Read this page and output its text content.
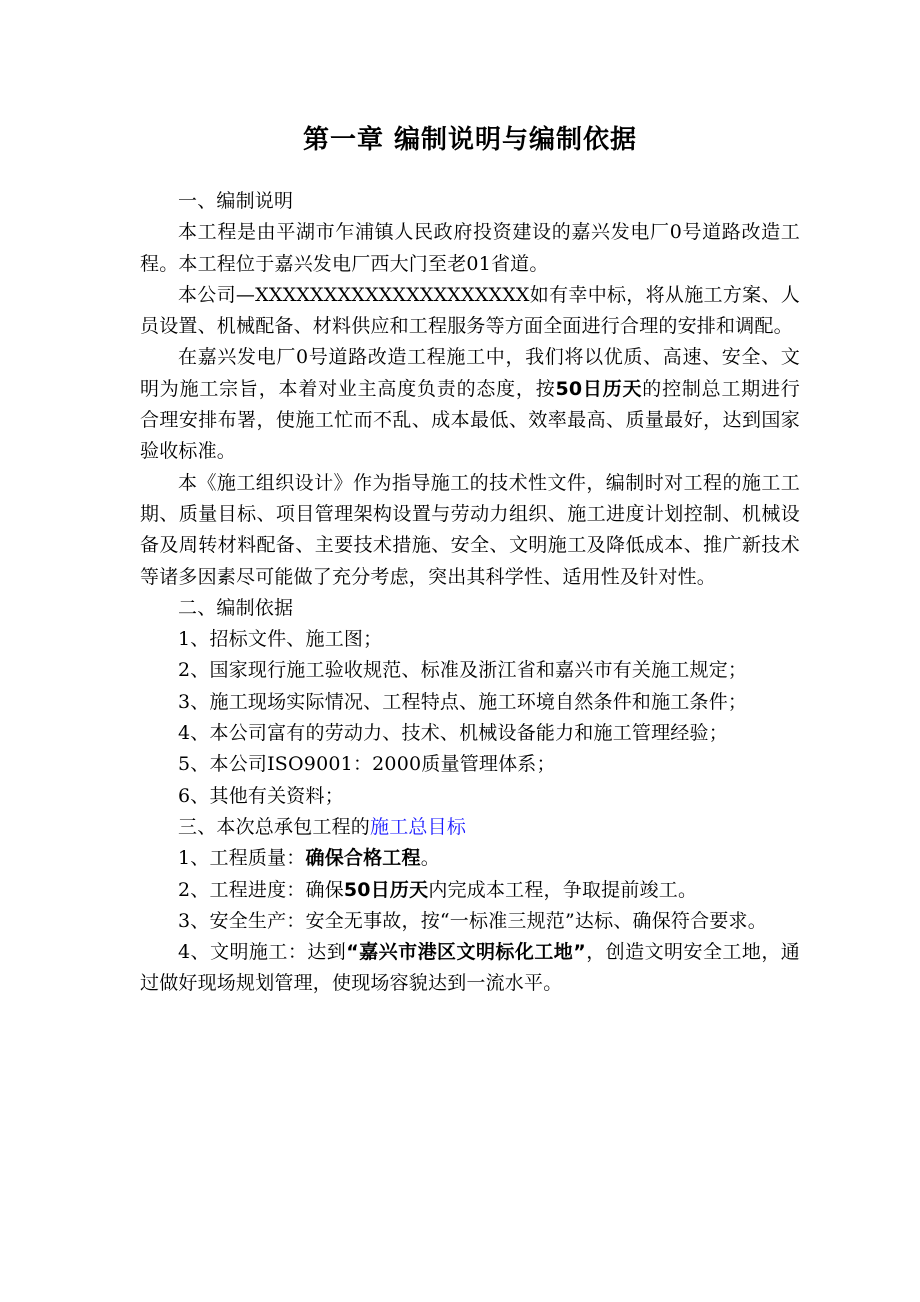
第一章 编制说明与编制依据

一、编制说明

本工程是由平湖市乍浦镇人民政府投资建设的嘉兴发电厂0号道路改造工程。本工程位于嘉兴发电厂西大门至老01省道。

本公司—XXXXXXXXXXXXXXXXXXXX如有幸中标，将从施工方案、人员设置、机械配备、材料供应和工程服务等方面全面进行合理的安排和调配。

在嘉兴发电厂0号道路改造工程施工中，我们将以优质、高速、安全、文明为施工宗旨，本着对业主高度负责的态度，按50日历天的控制总工期进行合理安排布署，使施工忙而不乱、成本最低、效率最高、质量最好，达到国家验收标准。

本《施工组织设计》作为指导施工的技术性文件，编制时对工程的施工工期、质量目标、项目管理架构设置与劳动力组织、施工进度计划控制、机械设备及周转材料配备、主要技术措施、安全、文明施工及降低成本、推广新技术等诸多因素尽可能做了充分考虑，突出其科学性、适用性及针对性。

二、编制依据

1、招标文件、施工图；

2、国家现行施工验收规范、标准及浙江省和嘉兴市有关施工规定；

3、施工现场实际情况、工程特点、施工环境自然条件和施工条件；

4、本公司富有的劳动力、技术、机械设备能力和施工管理经验；

5、本公司ISO9001：2000质量管理体系；

6、其他有关资料；

三、本次总承包工程的施工总目标

1、工程质量：确保合格工程。

2、工程进度：确保50日历天内完成本工程，争取提前竣工。

3、安全生产：安全无事故，按“一标准三规范”达标、确保符合要求。

4、文明施工：达到“嘉兴市港区文明标化工地”，创造文明安全工地，通过做好现场规划管理，使现场容貌达到一流水平。
